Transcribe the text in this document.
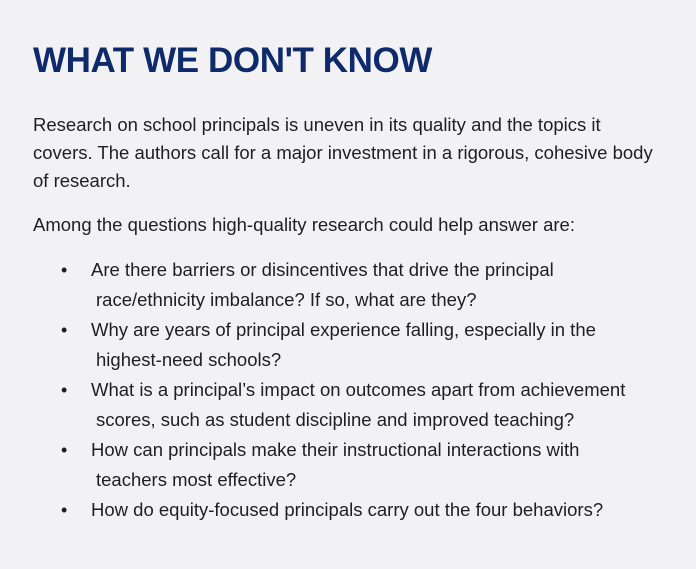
WHAT WE DON'T KNOW

Research on school principals is uneven in its quality and the topics it covers. The authors call for a major investment in a rigorous, cohesive body of research.

Among the questions high-quality research could help answer are:

• Are there barriers or disincentives that drive the principal
race/ethnicity imbalance? If so, what are they?
• Why are years of principal experience falling, especially in the
highest-need schools?
• What is a principal’s impact on outcomes apart from achievement
scores, such as student discipline and improved teaching?
• How can principals make their instructional interactions with
teachers most effective?
• How do equity-focused principals carry out the four behaviors?
